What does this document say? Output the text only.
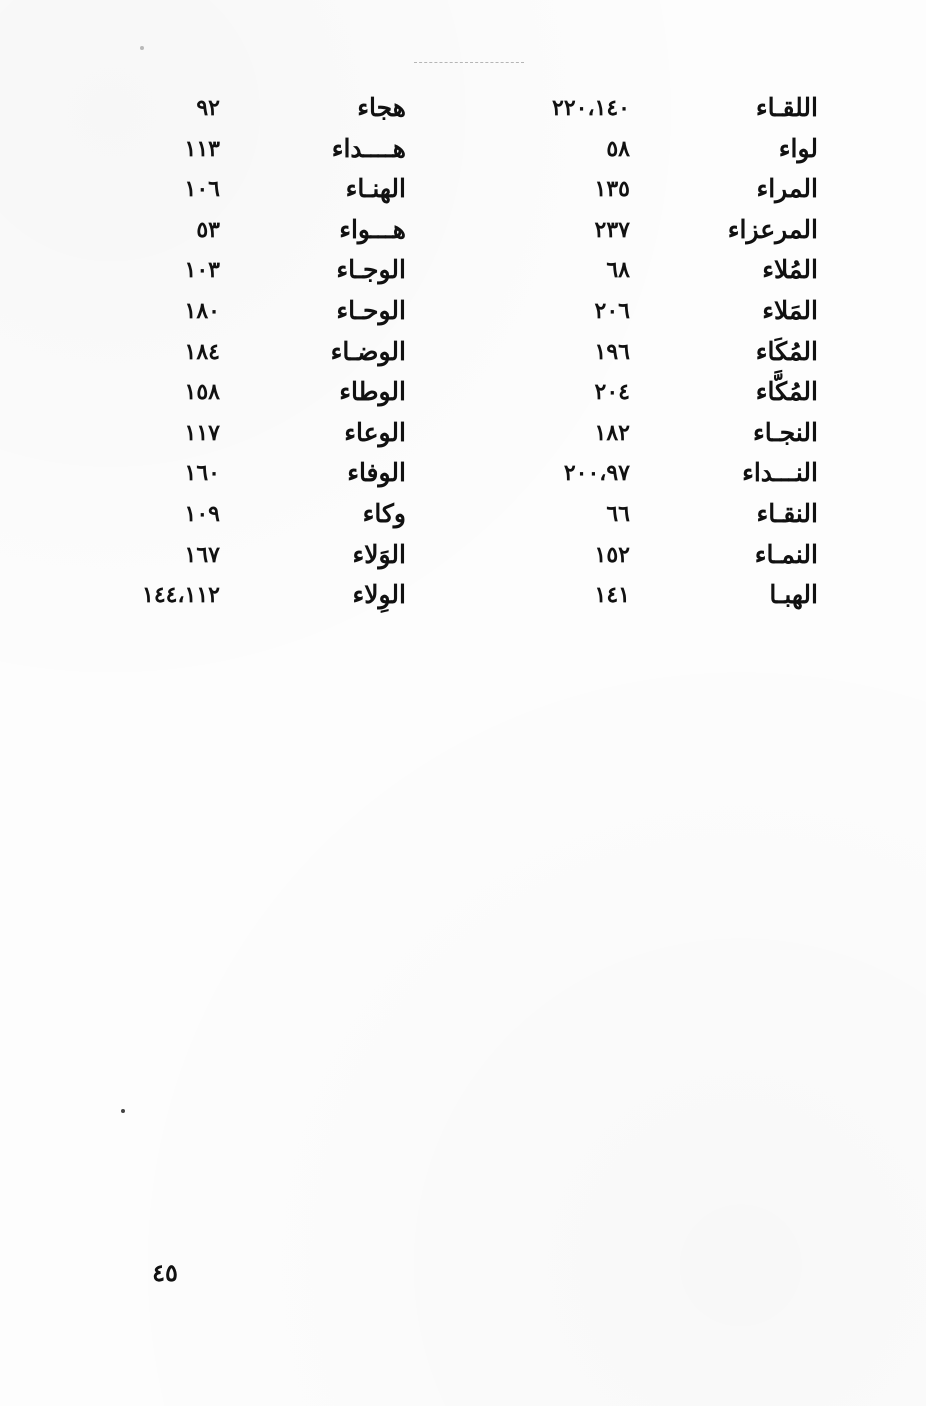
اللقـاء
لواء
المراء
المرعزاء
المُلاء
المَلاء
المُكَاء
المُكَّاء
النجـاء
النـــداء
النقـاء
النمـاء
الهبـا
٢٢٠،١٤٠
٥٨
١٣٥
٢٣٧
٦٨
٢٠٦
١٩٦
٢٠٤
١٨٢
٢٠٠،٩٧
٦٦
١٥٢
١٤١
هجاء
هــــداء
الهنـاء
هـــواء
الوجـاء
الوحـاء
الوضـاء
الوطاء
الوعاء
الوفاء
وكاء
الوَلاء
الوِلاء
٩٢
١١٣
١٠٦
٥٣
١٠٣
١٨٠
١٨٤
١٥٨
١١٧
١٦٠
١٠٩
١٦٧
١٤٤،١١٢
٤٥
